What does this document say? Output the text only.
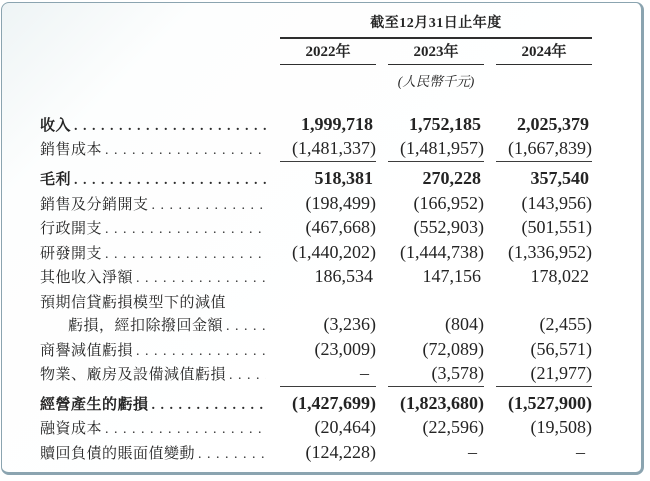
截至12月31日止年度
2022年	2023年	2024年
(人民幣千元)
收入 .....	1,999,718	1,752,185	2,025,379
銷售成本 .....	(1,481,337)	(1,481,957)	(1,667,839)
毛利 .....	518,381	270,228	357,540
銷售及分銷開支 .....	(198,499)	(166,952)	(143,956)
行政開支 .....	(467,668)	(552,903)	(501,551)
研發開支 .....	(1,440,202)	(1,444,738)	(1,336,952)
其他收入淨額 .....	186,534	147,156	178,022
預期信貸虧損模型下的減值
虧損，經扣除撥回金額 .....	(3,236)	(804)	(2,455)
商譽減值虧損 .....	(23,009)	(72,089)	(56,571)
物業、廠房及設備減值虧損 .....	–	(3,578)	(21,977)
經營產生的虧損 .....	(1,427,699)	(1,823,680)	(1,527,900)
融資成本 .....	(20,464)	(22,596)	(19,508)
贖回負債的賬面值變動 .....	(124,228)	–	–
